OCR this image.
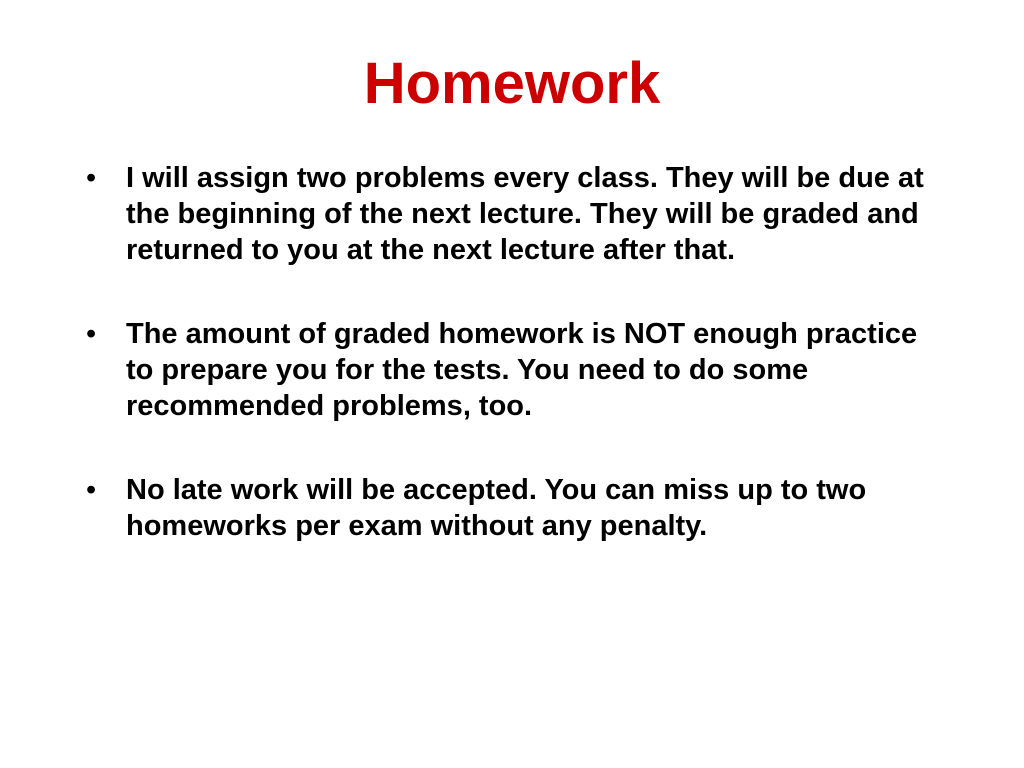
Homework
•	I will assign two problems every class. They will be due at the beginning of the next lecture. They will be graded and returned to you at the next lecture after that.
•	The amount of graded homework is NOT enough practice to prepare you for the tests. You need to do some recommended problems, too.
•	No late work will be accepted. You can miss up to two homeworks per exam without any penalty.
